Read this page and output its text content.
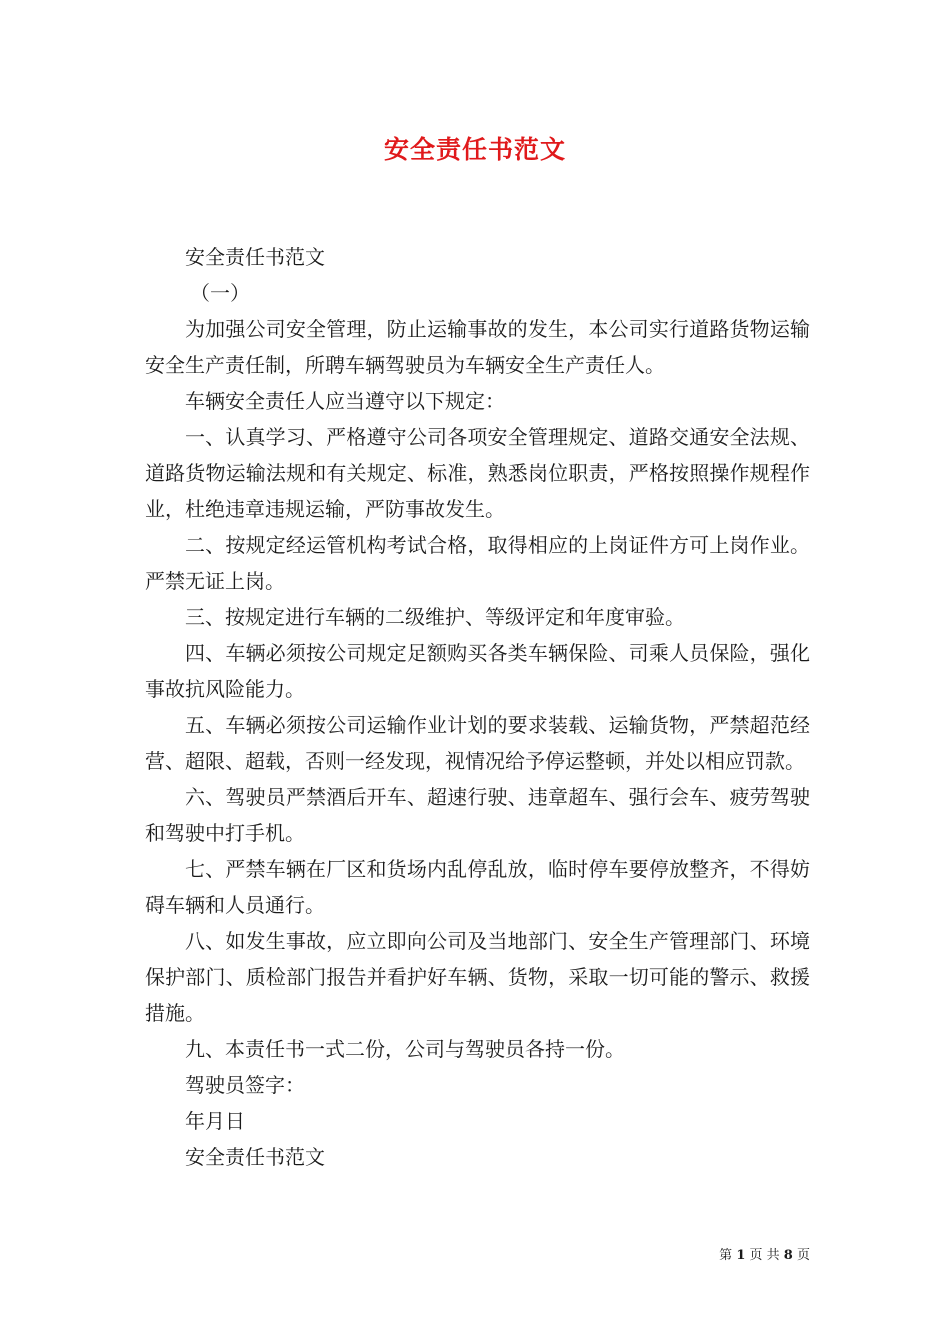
安全责任书范文

安全责任书范文

（一）

为加强公司安全管理，防止运输事故的发生，本公司实行道路货物运输安全生产责任制，所聘车辆驾驶员为车辆安全生产责任人。

车辆安全责任人应当遵守以下规定：

一、认真学习、严格遵守公司各项安全管理规定、道路交通安全法规、道路货物运输法规和有关规定、标准，熟悉岗位职责，严格按照操作规程作业，杜绝违章违规运输，严防事故发生。

二、按规定经运管机构考试合格，取得相应的上岗证件方可上岗作业。严禁无证上岗。

三、按规定进行车辆的二级维护、等级评定和年度审验。

四、车辆必须按公司规定足额购买各类车辆保险、司乘人员保险，强化事故抗风险能力。

五、车辆必须按公司运输作业计划的要求装载、运输货物，严禁超范经营、超限、超载，否则一经发现，视情况给予停运整顿，并处以相应罚款。

六、驾驶员严禁酒后开车、超速行驶、违章超车、强行会车、疲劳驾驶和驾驶中打手机。

七、严禁车辆在厂区和货场内乱停乱放，临时停车要停放整齐，不得妨碍车辆和人员通行。

八、如发生事故，应立即向公司及当地部门、安全生产管理部门、环境保护部门、质检部门报告并看护好车辆、货物，采取一切可能的警示、救援措施。

九、本责任书一式二份，公司与驾驶员各持一份。

驾驶员签字：

年月日

安全责任书范文

第 1 页 共 8 页
